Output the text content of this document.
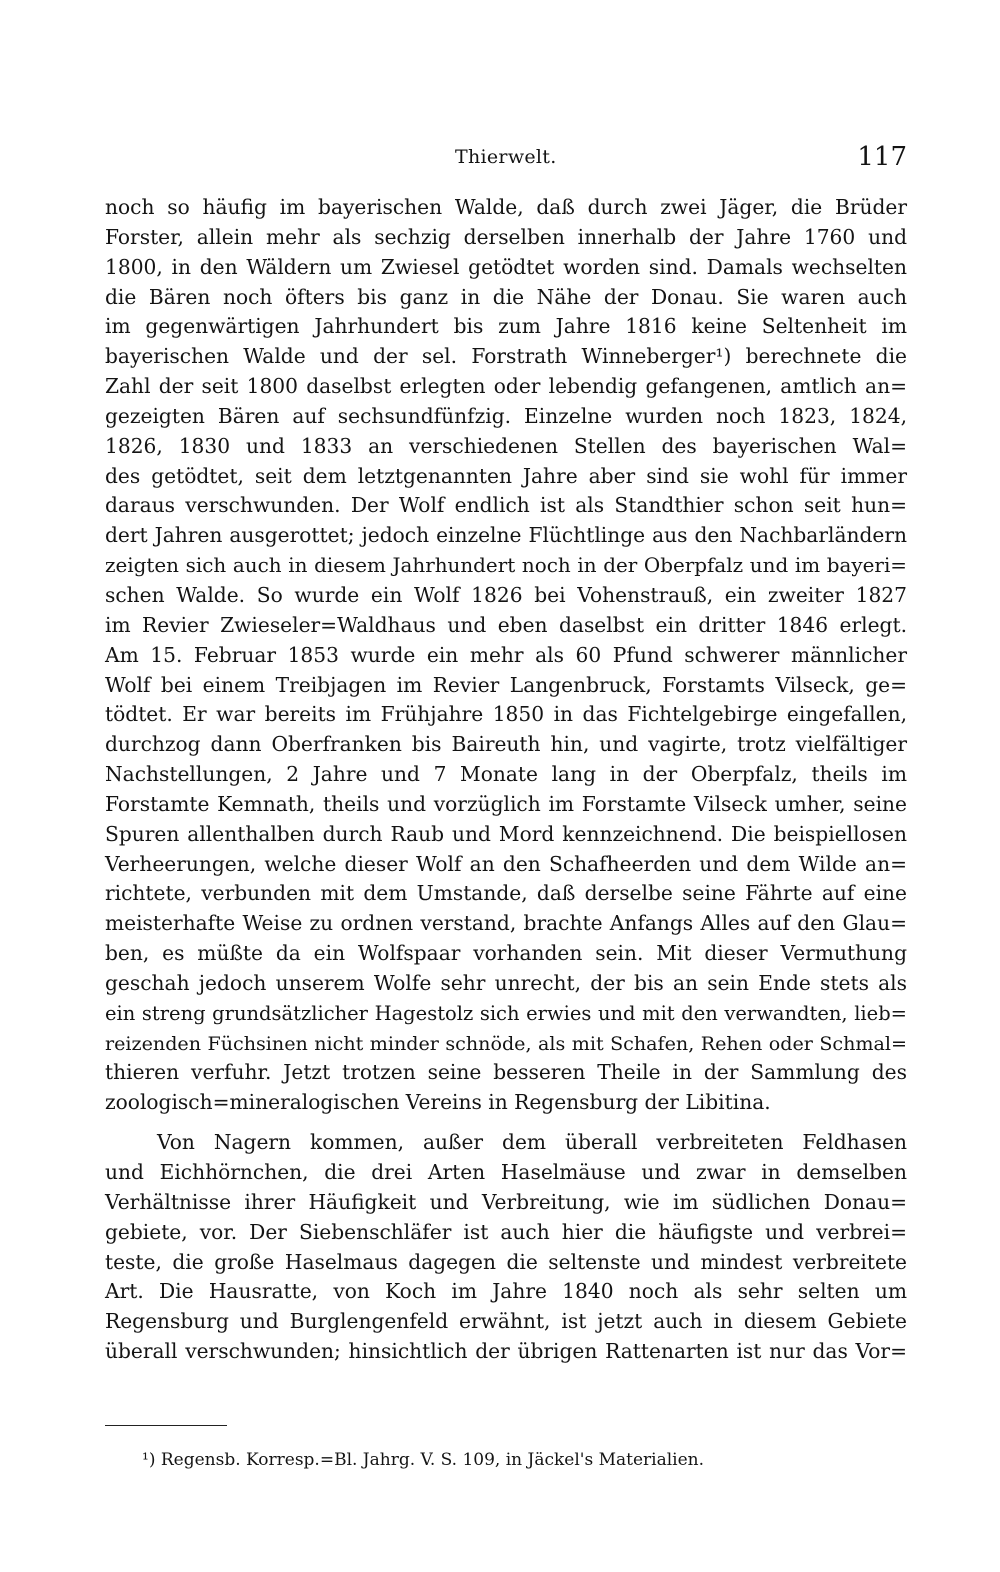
Thierwelt.	117
noch so häufig im bayerischen Walde, daß durch zwei Jäger, die Brüder
Forster, allein mehr als sechzig derselben innerhalb der Jahre 1760 und
1800, in den Wäldern um Zwiesel getödtet worden sind. Damals wechselten
die Bären noch öfters bis ganz in die Nähe der Donau. Sie waren auch
im gegenwärtigen Jahrhundert bis zum Jahre 1816 keine Seltenheit im
bayerischen Walde und der sel. Forstrath Winneberger¹) berechnete die
Zahl der seit 1800 daselbst erlegten oder lebendig gefangenen, amtlich an=
gezeigten Bären auf sechsundfünfzig. Einzelne wurden noch 1823, 1824,
1826, 1830 und 1833 an verschiedenen Stellen des bayerischen Wal=
des getödtet, seit dem letztgenannten Jahre aber sind sie wohl für immer
daraus verschwunden. Der Wolf endlich ist als Standthier schon seit hun=
dert Jahren ausgerottet; jedoch einzelne Flüchtlinge aus den Nachbarländern
zeigten sich auch in diesem Jahrhundert noch in der Oberpfalz und im bayeri=
schen Walde. So wurde ein Wolf 1826 bei Vohenstrauß, ein zweiter 1827
im Revier Zwieseler=Waldhaus und eben daselbst ein dritter 1846 erlegt.
Am 15. Februar 1853 wurde ein mehr als 60 Pfund schwerer männlicher
Wolf bei einem Treibjagen im Revier Langenbruck, Forstamts Vilseck, ge=
tödtet. Er war bereits im Frühjahre 1850 in das Fichtelgebirge eingefallen,
durchzog dann Oberfranken bis Baireuth hin, und vagirte, trotz vielfältiger
Nachstellungen, 2 Jahre und 7 Monate lang in der Oberpfalz, theils im
Forstamte Kemnath, theils und vorzüglich im Forstamte Vilseck umher, seine
Spuren allenthalben durch Raub und Mord kennzeichnend. Die beispiellosen
Verheerungen, welche dieser Wolf an den Schafheerden und dem Wilde an=
richtete, verbunden mit dem Umstande, daß derselbe seine Fährte auf eine
meisterhafte Weise zu ordnen verstand, brachte Anfangs Alles auf den Glau=
ben, es müßte da ein Wolfspaar vorhanden sein. Mit dieser Vermuthung
geschah jedoch unserem Wolfe sehr unrecht, der bis an sein Ende stets als
ein streng grundsätzlicher Hagestolz sich erwies und mit den verwandten, lieb=
reizenden Füchsinen nicht minder schnöde, als mit Schafen, Rehen oder Schmal=
thieren verfuhr. Jetzt trotzen seine besseren Theile in der Sammlung des
zoologisch=mineralogischen Vereins in Regensburg der Libitina.
Von Nagern kommen, außer dem überall verbreiteten Feldhasen
und Eichhörnchen, die drei Arten Haselmäuse und zwar in demselben
Verhältnisse ihrer Häufigkeit und Verbreitung, wie im südlichen Donau=
gebiete, vor. Der Siebenschläfer ist auch hier die häufigste und verbrei=
teste, die große Haselmaus dagegen die seltenste und mindest verbreitete
Art. Die Hausratte, von Koch im Jahre 1840 noch als sehr selten um
Regensburg und Burglengenfeld erwähnt, ist jetzt auch in diesem Gebiete
überall verschwunden; hinsichtlich der übrigen Rattenarten ist nur das Vor=
¹) Regensb. Korresp.=Bl. Jahrg. V. S. 109, in Jäckel's Materialien.
